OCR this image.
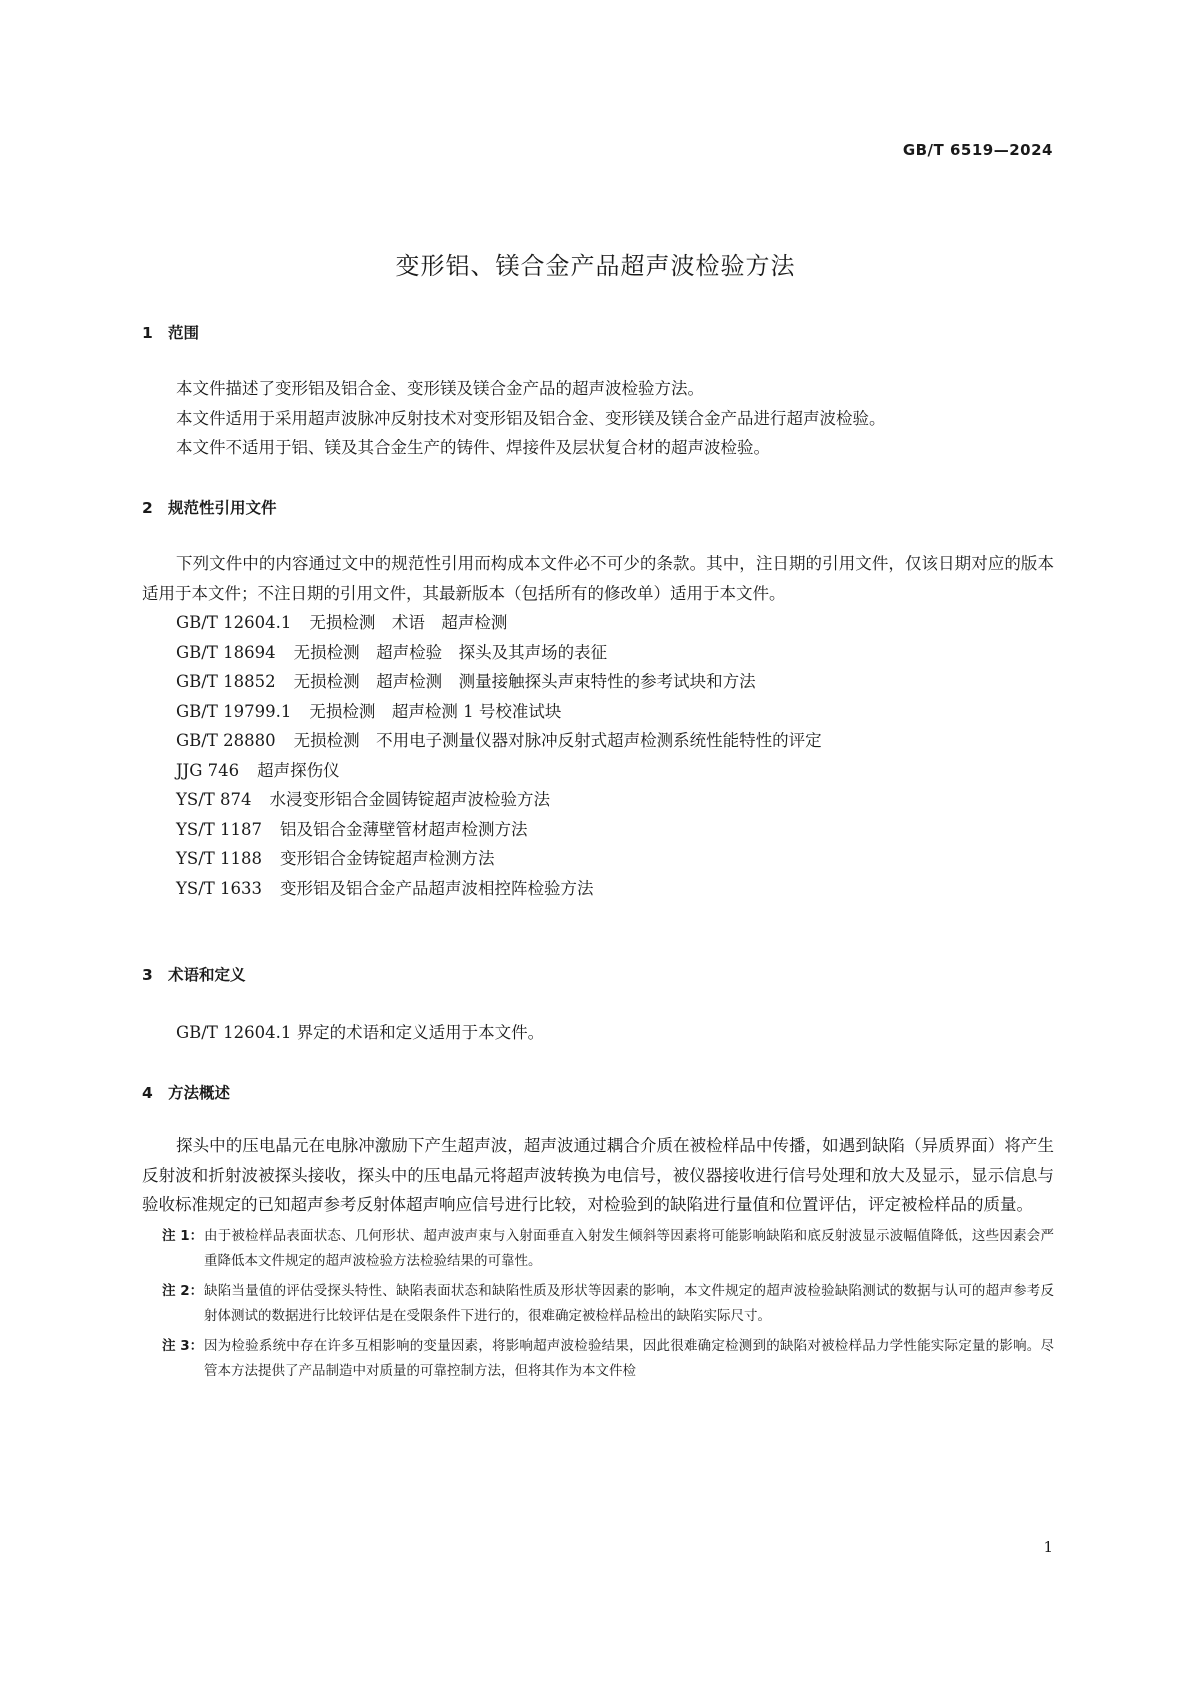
GB/T 6519—2024
变形铝、镁合金产品超声波检验方法
1 范围

本文件描述了变形铝及铝合金、变形镁及镁合金产品的超声波检验方法。

本文件适用于采用超声波脉冲反射技术对变形铝及铝合金、变形镁及镁合金产品进行超声波检验。

本文件不适用于铝、镁及其合金生产的铸件、焊接件及层状复合材的超声波检验。

2 规范性引用文件

下列文件中的内容通过文中的规范性引用而构成本文件必不可少的条款。其中，注日期的引用文件，仅该日期对应的版本适用于本文件；不注日期的引用文件，其最新版本（包括所有的修改单）适用于本文件。

GB/T 12604.1 无损检测　术语　超声检测
GB/T 18694 无损检测　超声检验　探头及其声场的表征
GB/T 18852 无损检测　超声检测　测量接触探头声束特性的参考试块和方法
GB/T 19799.1 无损检测　超声检测 1 号校准试块
GB/T 28880 无损检测　不用电子测量仪器对脉冲反射式超声检测系统性能特性的评定
JJG 746 超声探伤仪
YS/T 874 水浸变形铝合金圆铸锭超声波检验方法
YS/T 1187 铝及铝合金薄壁管材超声检测方法
YS/T 1188 变形铝合金铸锭超声检测方法
YS/T 1633 变形铝及铝合金产品超声波相控阵检验方法
3 术语和定义

GB/T 12604.1 界定的术语和定义适用于本文件。

4 方法概述

探头中的压电晶元在电脉冲激励下产生超声波，超声波通过耦合介质在被检样品中传播，如遇到缺陷（异质界面）将产生反射波和折射波被探头接收，探头中的压电晶元将超声波转换为电信号，被仪器接收进行信号处理和放大及显示，显示信息与验收标准规定的已知超声参考反射体超声响应信号进行比较，对检验到的缺陷进行量值和位置评估，评定被检样品的质量。

注 1： 由于被检样品表面状态、几何形状、超声波声束与入射面垂直入射发生倾斜等因素将可能影响缺陷和底反射波显示波幅值降低，这些因素会严重降低本文件规定的超声波检验方法检验结果的可靠性。
注 2： 缺陷当量值的评估受探头特性、缺陷表面状态和缺陷性质及形状等因素的影响，本文件规定的超声波检验缺陷测试的数据与认可的超声参考反射体测试的数据进行比较评估是在受限条件下进行的，很难确定被检样品检出的缺陷实际尺寸。
注 3： 因为检验系统中存在许多互相影响的变量因素，将影响超声波检验结果，因此很难确定检测到的缺陷对被检样品力学性能实际定量的影响。尽管本方法提供了产品制造中对质量的可靠控制方法，但将其作为本文件检
1
